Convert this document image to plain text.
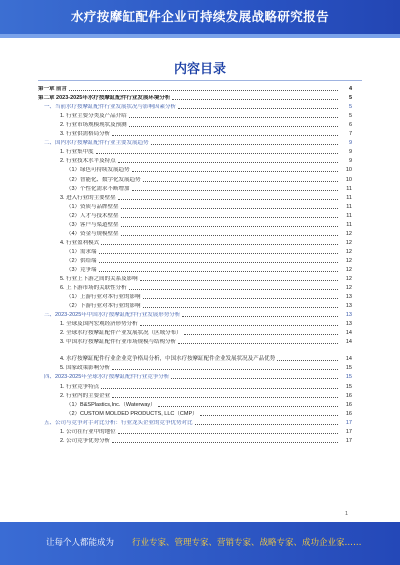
水疗按摩缸配件企业可持续发展战略研究报告
内容目录
第一章 前言	4
第二章 2023-2025年水疗按摩缸配件行业发展环境分析	5
一、当前水疗按摩缸配件行业发展状况与影响因素分析	5
1. 行业主要分类及产品介绍	5
2. 行业市场规模现状及预测	6
3. 行业供需格局分析	7
二、国内水疗按摩缸配件行业主要发展趋势	9
1. 行业集中度	9
2. 行业技术水平及特点	9
（1）绿色可持续发展趋势	10
（2）智能化、数字化发展趋势	10
（3）个性化需求不断增加	11
3. 进入行业的主要壁垒	11
（1）资质与品牌壁垒	11
（2）人才与技术壁垒	11
（3）客户与渠道壁垒	11
（4）资金与规模壁垒	12
4. 行业盈利模式	12
（1）需求端	12
（2）供给端	12
（3）竞争端	12
5. 行业上下游之间的关系及影响	12
6. 上下游市场的关联性分析	12
（1）上游行业对本行业的影响	13
（2）下游行业对本行业的影响	13
三、2023-2025年中国水疗按摩缸配件行业发展形势分析	13
1. 全球及国内宏观经济形势分析	13
2. 全球水疗按摩缸配件产业发展状况（区域分布）	14
3. 中国水疗按摩缸配件行业市场规模与结构分析	14
4. 水疗按摩缸配件行业企业竞争格局分析，中国水疗按摩缸配件企业发展状况及产品优势	14
5. 国家政策影响分析	15
四、2023-2025年全球水疗按摩缸配件行业竞争分析	15
1. 行业竞争特点	15
2. 行业内的主要企业	16
（1）B&SPlastics,Inc.（Waterway）	16
（2）CUSTOM MOLDED PRODUCTS, LLC（CMP）	16
五、公司与竞争对手对比分析：行业龙头企业的竞争优势对比	17
1. 公司在行业中的地位	17
2. 公司竞争优势分析	17
1
让每个人都能成为 行业专家、管理专家、营销专家、战略专家、成功企业家……
